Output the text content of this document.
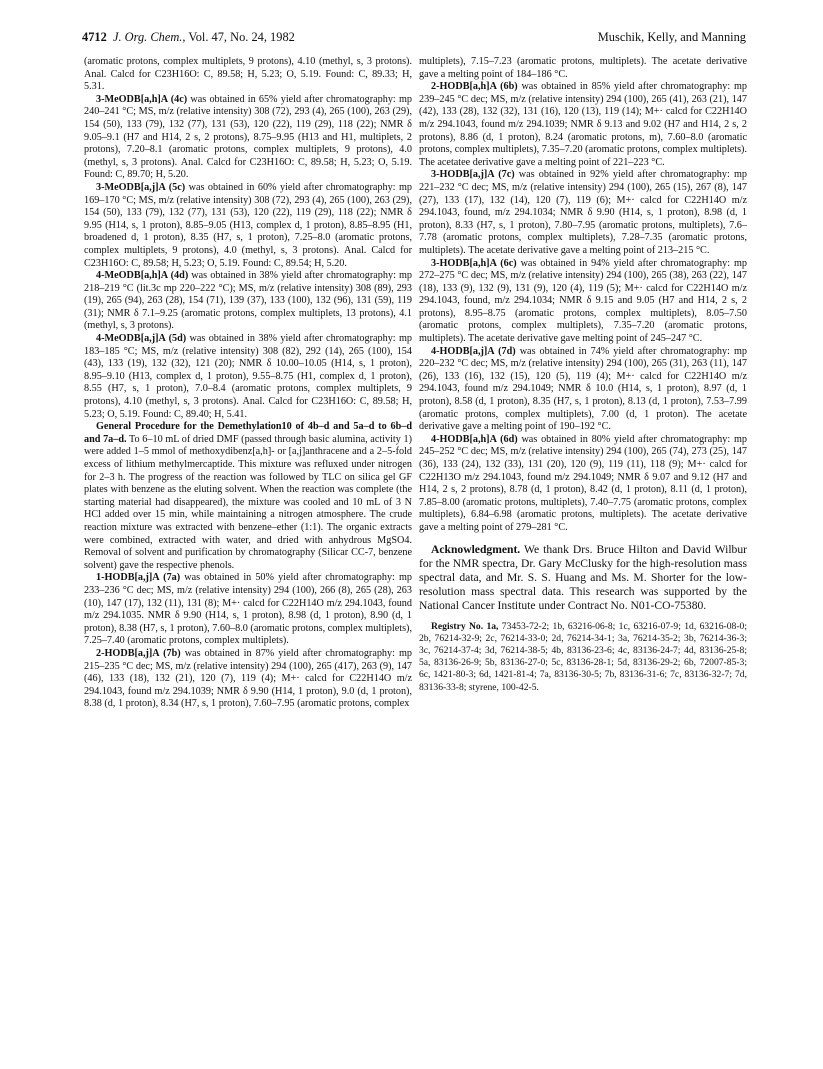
4712 J. Org. Chem., Vol. 47, No. 24, 1982	Muschik, Kelly, and Manning

(aromatic protons, complex multiplets, 9 protons), 4.10 (methyl, s, 3 protons). Anal. Calcd for C23H16O: C, 89.58; H, 5.23; O, 5.19. Found: C, 89.33; H, 5.31.

3-MeODB[a,h]A (4c) was obtained in 65% yield after chromatography: mp 240–241 °C; MS, m/z (relative intensity) 308 (72), 293 (4), 265 (100), 263 (29), 154 (50), 133 (79), 132 (77), 131 (53), 120 (22), 119 (29), 118 (22); NMR δ 9.05–9.1 (H7 and H14, 2 s, 2 protons), 8.75–9.95 (H13 and H1, multiplets, 2 protons), 7.20–8.1 (aromatic protons, complex multiplets, 9 protons), 4.0 (methyl, s, 3 protons). Anal. Calcd for C23H16O: C, 89.58; H, 5.23; O, 5.19. Found: C, 89.70; H, 5.20.

3-MeODB[a,j]A (5c) was obtained in 60% yield after chromatography: mp 169–170 °C; MS, m/z (relative intensity) 308 (72), 293 (4), 265 (100), 263 (29), 154 (50), 133 (79), 132 (77), 131 (53), 120 (22), 119 (29), 118 (22); NMR δ 9.95 (H14, s, 1 proton), 8.85–9.05 (H13, complex d, 1 proton), 8.85–8.95 (H1, broadened d, 1 proton), 8.35 (H7, s, 1 proton), 7.25–8.0 (aromatic protons, complex multiplets, 9 protons), 4.0 (methyl, s, 3 protons). Anal. Calcd for C23H16O: C, 89.58; H, 5.23; O, 5.19. Found: C, 89.54; H, 5.20.

4-MeODB[a,h]A (4d) was obtained in 38% yield after chromatography: mp 218–219 °C (lit.3c mp 220–222 °C); MS, m/z (relative intensity) 308 (89), 293 (19), 265 (94), 263 (28), 154 (71), 139 (37), 133 (100), 132 (96), 131 (59), 119 (31); NMR δ 7.1–9.25 (aromatic protons, complex multiplets, 13 protons), 4.1 (methyl, s, 3 protons).

4-MeODB[a,j]A (5d) was obtained in 38% yield after chromatography: mp 183–185 °C; MS, m/z (relative intensity) 308 (82), 292 (14), 265 (100), 154 (43), 133 (19), 132 (32), 121 (20); NMR δ 10.00–10.05 (H14, s, 1 proton), 8.95–9.10 (H13, complex d, 1 proton), 9.55–8.75 (H1, complex d, 1 proton), 8.55 (H7, s, 1 proton), 7.0–8.4 (aromatic protons, complex multiplets, 9 protons), 4.10 (methyl, s, 3 protons). Anal. Calcd for C23H16O: C, 89.58; H, 5.23; O, 5.19. Found: C, 89.40; H, 5.41.

General Procedure for the Demethylation10 of 4b–d and 5a–d to 6b–d and 7a–d. To 6–10 mL of dried DMF (passed through basic alumina, activity 1) were added 1–5 mmol of methoxydibenz[a,h]- or [a,j]anthracene and a 2–5-fold excess of lithium methylmercaptide. This mixture was refluxed under nitrogen for 2–3 h. The progress of the reaction was followed by TLC on silica gel GF plates with benzene as the eluting solvent. When the reaction was complete (the starting material had disappeared), the mixture was cooled and 10 mL of 3 N HCl added over 15 min, while maintaining a nitrogen atmosphere. The crude reaction mixture was extracted with benzene–ether (1:1). The organic extracts were combined, extracted with water, and dried with anhydrous MgSO4. Removal of solvent and purification by chromatography (Silicar CC-7, benzene solvent) gave the respective phenols.

1-HODB[a,j]A (7a) was obtained in 50% yield after chromatography: mp 233–236 °C dec; MS, m/z (relative intensity) 294 (100), 266 (8), 265 (28), 263 (10), 147 (17), 132 (11), 131 (8); M+· calcd for C22H14O m/z 294.1043, found m/z 294.1035. NMR δ 9.90 (H14, s, 1 proton), 8.98 (d, 1 proton), 8.90 (d, 1 proton), 8.38 (H7, s, 1 proton), 7.60–8.0 (aromatic protons, complex multiplets), 7.25–7.40 (aromatic protons, complex multiplets).

2-HODB[a,j]A (7b) was obtained in 87% yield after chromatography: mp 215–235 °C dec; MS, m/z (relative intensity) 294 (100), 265 (417), 263 (9), 147 (46), 133 (18), 132 (21), 120 (7), 119 (4); M+· calcd for C22H14O m/z 294.1043, found m/z 294.1039; NMR δ 9.90 (H14, 1 proton), 9.0 (d, 1 proton), 8.38 (d, 1 proton), 8.34 (H7, s, 1 proton), 7.60–7.95 (aromatic protons, complex

multiplets), 7.15–7.23 (aromatic protons, multiplets). The acetate derivative gave a melting point of 184–186 °C.

2-HODB[a,h]A (6b) was obtained in 85% yield after chromatography: mp 239–245 °C dec; MS, m/z (relative intensity) 294 (100), 265 (41), 263 (21), 147 (42), 133 (28), 132 (32), 131 (16), 120 (13), 119 (14); M+· calcd for C22H14O m/z 294.1043, found m/z 294.1039; NMR δ 9.13 and 9.02 (H7 and H14, 2 s, 2 protons), 8.86 (d, 1 proton), 8.24 (aromatic protons, m), 7.60–8.0 (aromatic protons, complex multiplets), 7.35–7.20 (aromatic protons, complex multiplets). The acetatee derivative gave a melting point of 221–223 °C.

3-HODB[a,j]A (7c) was obtained in 92% yield after chromatography: mp 221–232 °C dec; MS, m/z (relative intensity) 294 (100), 265 (15), 267 (8), 147 (27), 133 (17), 132 (14), 120 (7), 119 (6); M+· calcd for C22H14O m/z 294.1043, found, m/z 294.1034; NMR δ 9.90 (H14, s, 1 proton), 8.98 (d, 1 proton), 8.33 (H7, s, 1 proton), 7.80–7.95 (aromatic protons, multiplets), 7.6–7.78 (aromatic protons, complex multiplets), 7.28–7.35 (aromatic protons, multiplets). The acetate derivative gave a melting point of 213–215 °C.

3-HODB[a,h]A (6c) was obtained in 94% yield after chromatography: mp 272–275 °C dec; MS, m/z (relative intensity) 294 (100), 265 (38), 263 (22), 147 (18), 133 (9), 132 (9), 131 (9), 120 (4), 119 (5); M+· calcd for C22H14O m/z 294.1043, found, m/z 294.1034; NMR δ 9.15 and 9.05 (H7 and H14, 2 s, 2 protons), 8.95–8.75 (aromatic protons, complex multiplets), 8.05–7.50 (aromatic protons, complex multiplets), 7.35–7.20 (aromatic protons, multiplets). The acetate derivative gave melting point of 245–247 °C.

4-HODB[a,j]A (7d) was obtained in 74% yield after chromatography: mp 220–232 °C dec; MS, m/z (relative intensity) 294 (100), 265 (31), 263 (11), 147 (26), 133 (16), 132 (15), 120 (5), 119 (4); M+· calcd for C22H14O m/z 294.1043, found m/z 294.1049; NMR δ 10.0 (H14, s, 1 proton), 8.97 (d, 1 proton), 8.58 (d, 1 proton), 8.35 (H7, s, 1 proton), 8.13 (d, 1 proton), 7.53–7.99 (aromatic protons, complex multiplets), 7.00 (d, 1 proton). The acetate derivative gave a melting point of 190–192 °C.

4-HODB[a,h]A (6d) was obtained in 80% yield after chromatography: mp 245–252 °C dec; MS, m/z (relative intensity) 294 (100), 265 (74), 273 (25), 147 (36), 133 (24), 132 (33), 131 (20), 120 (9), 119 (11), 118 (9); M+· calcd for C22H13O m/z 294.1043, found m/z 294.1049; NMR δ 9.07 and 9.12 (H7 and H14, 2 s, 2 protons), 8.78 (d, 1 proton), 8.42 (d, 1 proton), 8.11 (d, 1 proton), 7.85–8.00 (aromatic protons, multiplets), 7.40–7.75 (aromatic protons, complex multiplets), 6.84–6.98 (aromatic protons, multiplets). The acetate derivative gave a melting point of 279–281 °C.

Acknowledgment. We thank Drs. Bruce Hilton and David Wilbur for the NMR spectra, Dr. Gary McClusky for the high-resolution mass spectral data, and Mr. S. S. Huang and Ms. M. Shorter for the low-resolution mass spectral data. This research was supported by the National Cancer Institute under Contract No. N01-CO-75380.

Registry No. 1a, 73453-72-2; 1b, 63216-06-8; 1c, 63216-07-9; 1d, 63216-08-0; 2b, 76214-32-9; 2c, 76214-33-0; 2d, 76214-34-1; 3a, 76214-35-2; 3b, 76214-36-3; 3c, 76214-37-4; 3d, 76214-38-5; 4b, 83136-23-6; 4c, 83136-24-7; 4d, 83136-25-8; 5a, 83136-26-9; 5b, 83136-27-0; 5c, 83136-28-1; 5d, 83136-29-2; 6b, 72007-85-3; 6c, 1421-80-3; 6d, 1421-81-4; 7a, 83136-30-5; 7b, 83136-31-6; 7c, 83136-32-7; 7d, 83136-33-8; styrene, 100-42-5.
